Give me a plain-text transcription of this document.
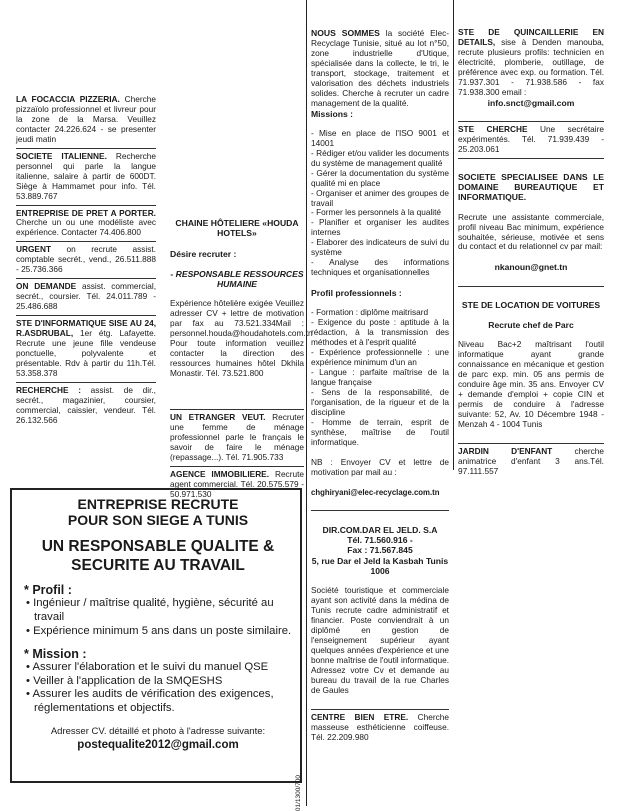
LA FOCACCIA PIZZERIA. Cherche pizzaïolo professionnel et livreur pour la zone de la Marsa. Veuillez contacter 24.226.624 - se presenter jeudi matin
SOCIETE ITALIENNE. Recherche personnel qui parle la langue italienne, salaire à partir de 600DT. Siège à Hammamet pour info. Tél. 53.889.767
ENTREPRISE DE PRET A PORTER. Cherche un ou une modéliste avec expérience. Contacter 74.406.800
URGENT on recrute assist. comptable secrét., vend., 26.511.888 - 25.736.366
ON DEMANDE assist. commercial, secrét., coursier. Tél. 24.011.789 - 25.486.688
STE D'INFORMATIQUE SISE AU 24, R.ASDRUBAL, 1er étg. Lafayette. Recrute une jeune fille vendeuse ponctuelle, polyvalente et présentable. Rdv à partir du 11h.Tél. 53.358.378
RECHERCHE : assist. de dir., secrét., magazinier, coursier, commercial, caissier, vendeur. Tél. 26.132.566

CHAINE HÔTELIERE «HOUDA HOTELS»

Désire recruter :

- RESPONSABLE RESSOURCES HUMAINE

Expérience hôtelière exigée Veuillez adresser CV + lettre de motivation par fax au 73.521.334Mail : personnel.houda@houdahotels.com.tn Pour toute information veuillez contacter la direction des ressources humaines hôtel Dkhila Monastir. Tél. 73.521.800

UN ETRANGER VEUT. Recruter une femme de ménage professionnel parle le français le savoir de faire le ménage (repassage...). Tél. 71.905.733
AGENCE IMMOBILIERE. Recrute agent commercial. Tél. 20.575.579 - 50.971.530

NOUS SOMMES la société Elec-Recyclage Tunisie, situé au lot n°50, zone industrielle d'Utique, spécialisée dans la collecte, le tri, le transport, stockage, traitement et valorisation des déchets industriels solides. Cherche à recruter un cadre management de la qualité.

Missions :

- Mise en place de l'ISO 9001 et 14001
- Rédiger et/ou valider les documents du système de management qualité
- Gérer la documentation du système qualité mi en place
- Organiser et animer des groupes de travail
- Former les personnels à la qualité
- Planifier et organiser les audites internes
- Elaborer des indicateurs de suivi du système
- Analyse des informations techniques et organisationnelles

Profil professionnels :

- Formation : diplôme maitrisard
- Exigence du poste : aptitude à la rédaction, à la transmission des méthodes et à l'esprit qualité
- Expérience professionnelle : une expérience minimum d'un an
- Langue : parfaite maîtrise de la langue française
- Sens de la responsabilité, de l'organisation, de la rigueur et de la discipline
- Homme de terrain, esprit de synthèse, maîtrise de l'outil informatique.

NB : Envoyer CV et lettre de motivation par mail au :

chghiryani@elec-recyclage.com.tn

DIR.COM.DAR EL JELD. S.A
Tél. 71.560.916 -
Fax : 71.567.845
5, rue Dar el Jeld la Kasbah Tunis 1006

Société touristique et commerciale ayant son activité dans la médina de Tunis recrute cadre administratif et financier. Poste conviendrait à un diplômé en gestion de l'enseignement supérieur ayant quelques années d'expérience et une bonne maîtrise de l'outil informatique. Adressez votre Cv et demande au bureau du travail de la rue Charles de Gaules

CENTRE BIEN ETRE. Cherche masseuse esthéticienne coiffeuse. Tél. 22.209.980

STE DE QUINCAILLERIE EN DETAILS, sise à Denden manouba, recrute plusieurs profils: technicien en électricité, plomberie, outillage, de préférence avec exp. ou formation. Tél. 71.937.301 - 71.938.586 - fax 71.938.300 email :

info.snct@gmail.com

STE CHERCHE Une secrétaire expérimentés. Tél. 71.939.439 - 25.203.061

SOCIETE SPECIALISEE DANS LE DOMAINE BUREAUTIQUE ET INFORMATIQUE.

Recrute une assistante commerciale, profil niveau Bac minimum, expérience souhaitée, sérieuse, motivée et sens du contact et du relationnel cv par mail:

nkanoun@gnet.tn

STE DE LOCATION DE VOITURES

Recrute chef de Parc

Niveau Bac+2 maîtrisant l'outil informatique ayant grande connaissance en mécanique et gestion de parc exp. min. 05 ans permis de conduire âge min. 35 ans. Envoyer CV + demande d'emploi + copie CIN et permis de conduire à l'adresse suivante: 52, Av. 10 Décembre 1948 - Menzah 4 - 1004 Tunis

JARDIN D'ENFANT	cherche animatrice d'enfant 3 ans.Tél. 97.111.557
ENTREPRISE RECRUTE
POUR SON SIEGE A TUNIS
UN RESPONSABLE QUALITE &
SECURITE AU TRAVAIL
* Profil :
• Ingénieur / maîtrise qualité, hygiène, sécurité au travail
• Expérience minimum 5 ans dans un poste similaire.
* Mission :
• Assurer l'élaboration et le suivi du manuel QSE
• Veiller à l'application de la SMQESHS
• Assurer les audits de vérification des exigences, réglementations et objectifs.
Adresser CV. détaillé et photo à l'adresse suivante:
postequalite2012@gmail.com
01/1300/700
